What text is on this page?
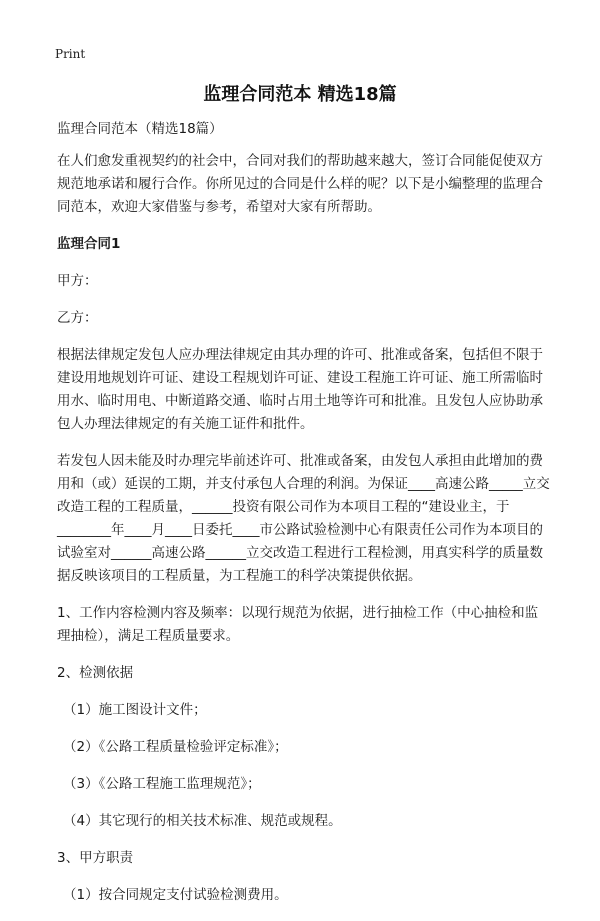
Print
监理合同范本 精选18篇

监理合同范本（精选18篇）

在人们愈发重视契约的社会中，合同对我们的帮助越来越大，签订合同能促使双方规范地承诺和履行合作。你所见过的合同是什么样的呢？以下是小编整理的监理合同范本，欢迎大家借鉴与参考，希望对大家有所帮助。

监理合同1

甲方：

乙方：

根据法律规定发包人应办理法律规定由其办理的许可、批准或备案，包括但不限于建设用地规划许可证、建设工程规划许可证、建设工程施工许可证、施工所需临时用水、临时用电、中断道路交通、临时占用土地等许可和批准。且发包人应协助承包人办理法律规定的有关施工证件和批件。

若发包人因未能及时办理完毕前述许可、批准或备案，由发包人承担由此增加的费用和（或）延误的工期，并支付承包人合理的利润。为保证____高速公路_____立交改造工程的工程质量，______投资有限公司作为本项目工程的“建设业主，于________年____月____日委托____市公路试验检测中心有限责任公司作为本项目的试验室对______高速公路______立交改造工程进行工程检测，用真实科学的质量数据反映该项目的工程质量，为工程施工的科学决策提供依据。

1、工作内容检测内容及频率：以现行规范为依据，进行抽检工作（中心抽检和监理抽检），满足工程质量要求。

2、检测依据

（1）施工图设计文件；

（2）《公路工程质量检验评定标准》；

（3）《公路工程施工监理规范》；

（4）其它现行的相关技术标准、规范或规程。

3、甲方职责

（1）按合同规定支付试验检测费用。
